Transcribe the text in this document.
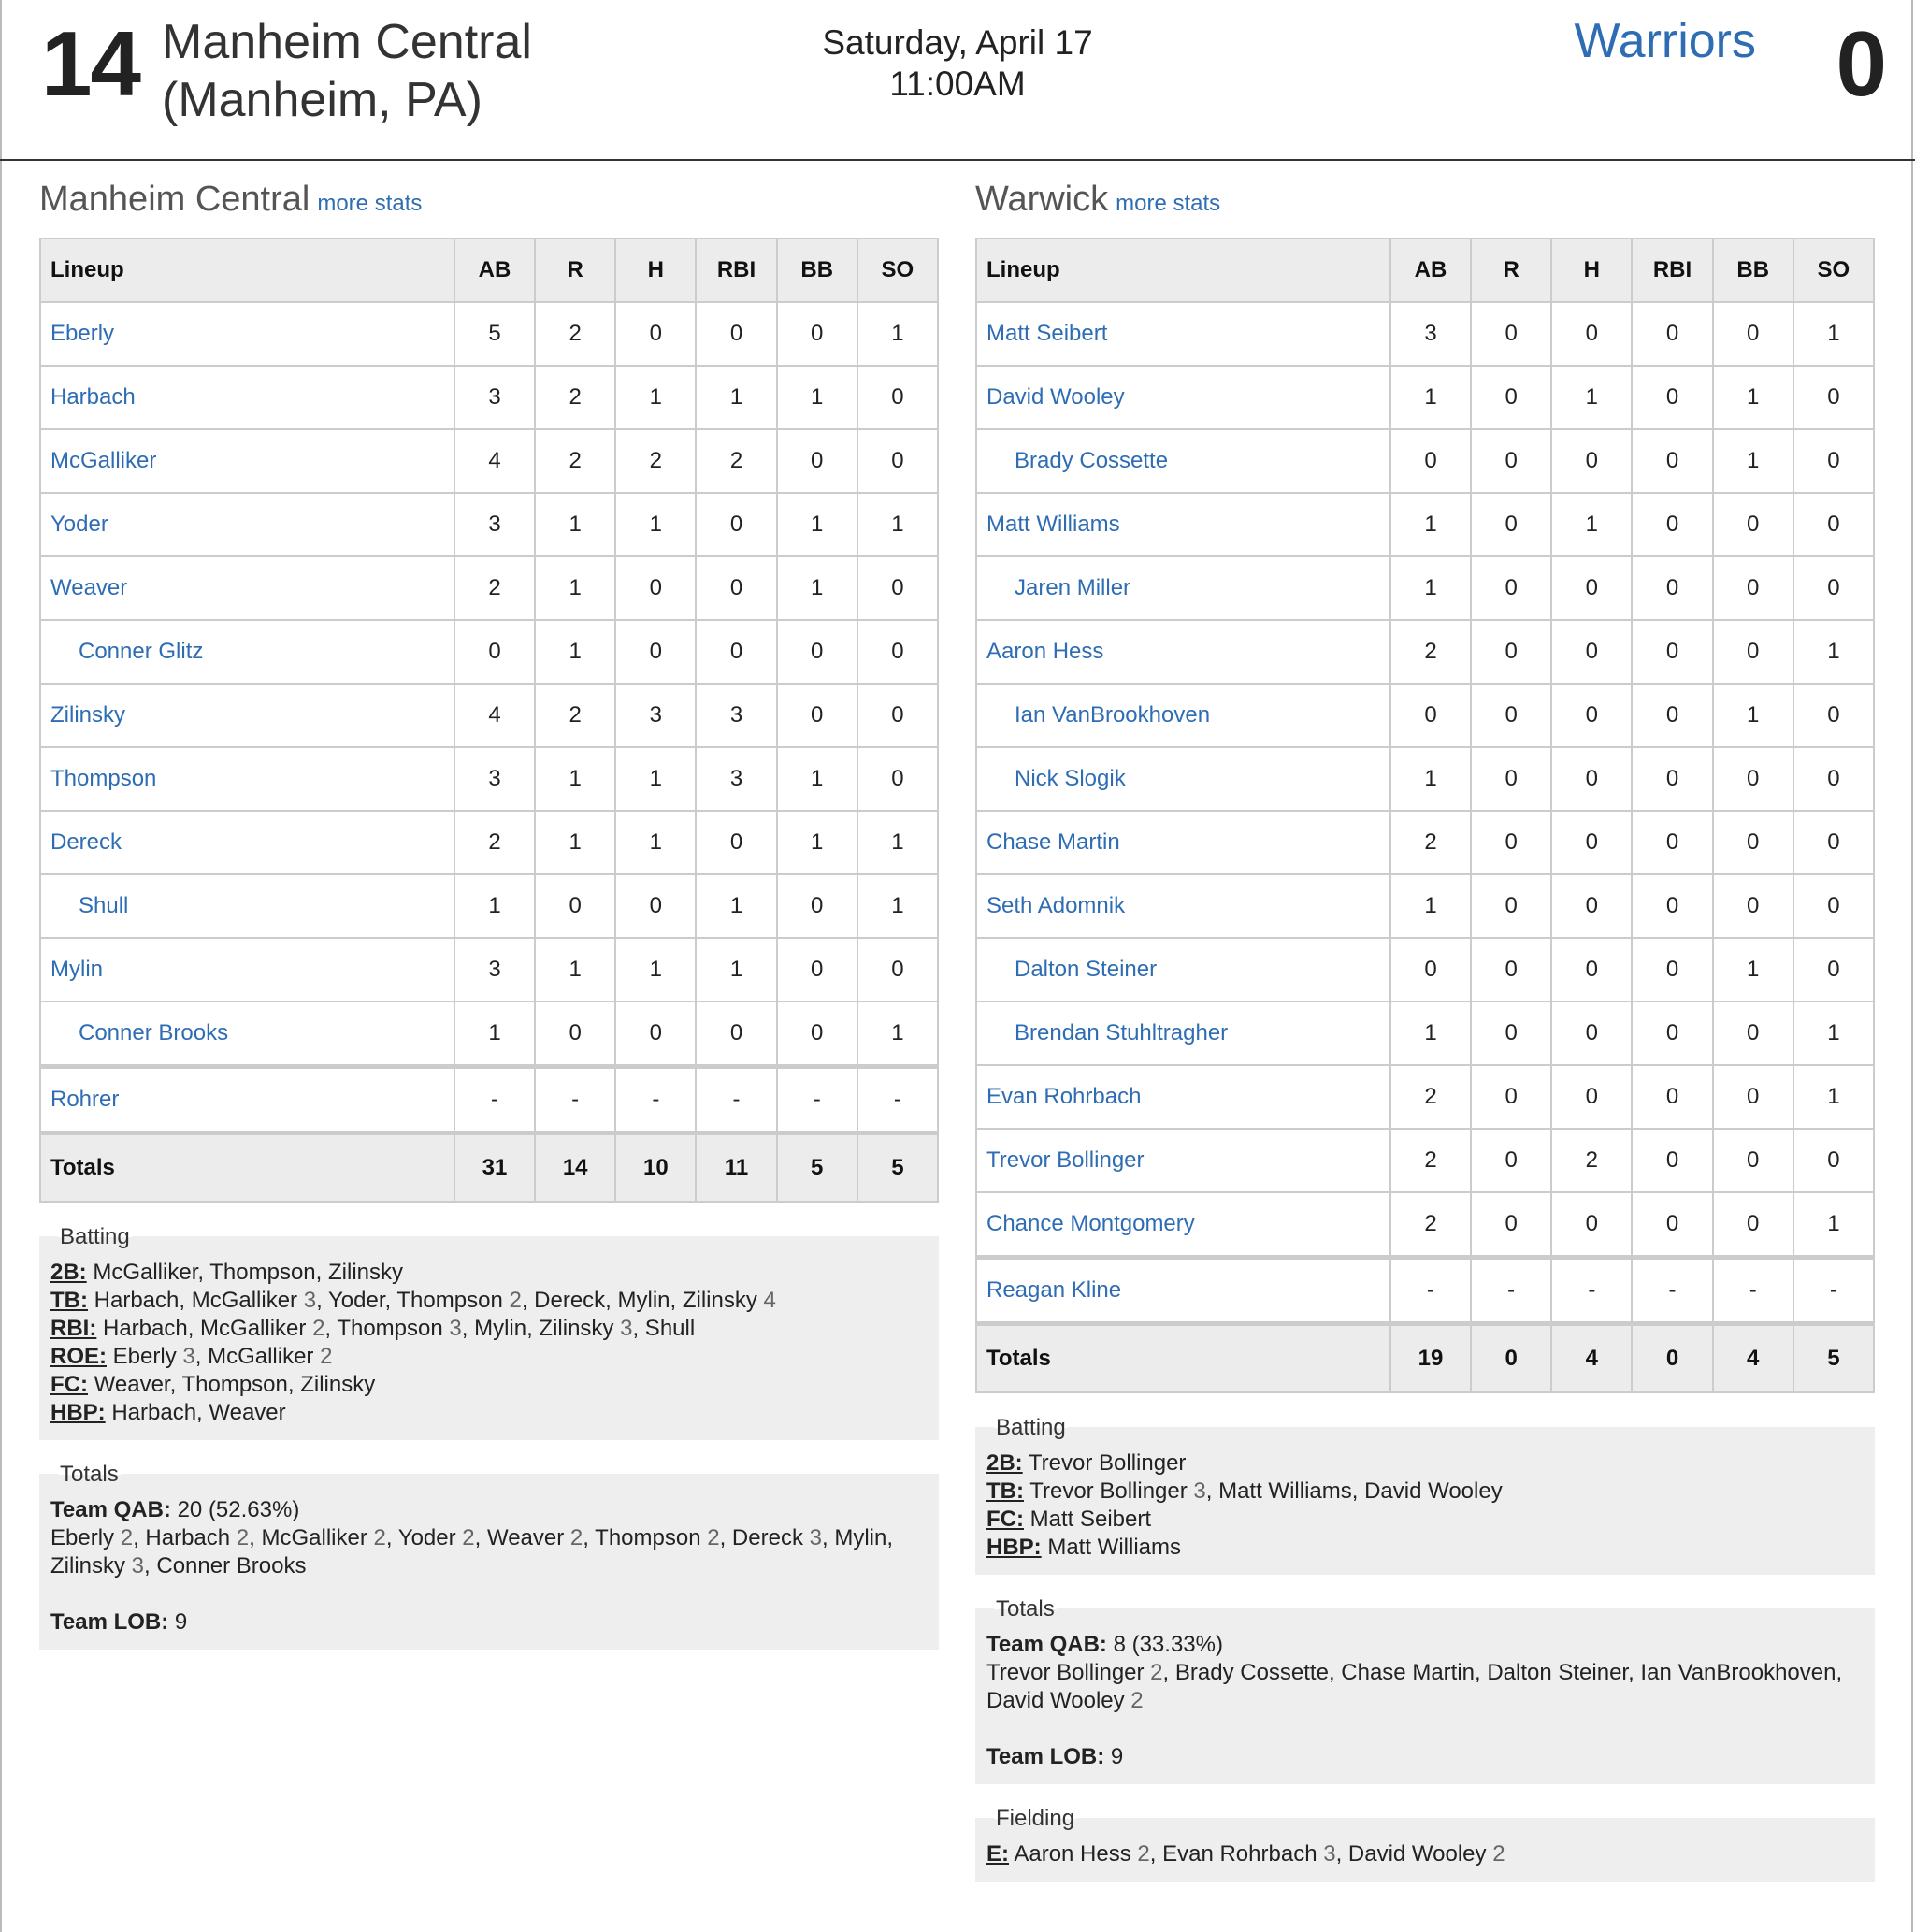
14 Manheim Central
(Manheim, PA)
Saturday, April 17
11:00AM
Warriors 0
Manheim Central more stats
Lineup	AB	R	H	RBI	BB	SO
Eberly	5	2	0	0	0	1
Harbach	3	2	1	1	1	0
McGalliker	4	2	2	2	0	0
Yoder	3	1	1	0	1	1
Weaver	2	1	0	0	1	0
Conner Glitz	0	1	0	0	0	0
Zilinsky	4	2	3	3	0	0
Thompson	3	1	1	3	1	0
Dereck	2	1	1	0	1	1
Shull	1	0	0	1	0	1
Mylin	3	1	1	1	0	0
Conner Brooks	1	0	0	0	0	1
Rohrer	-	-	-	-	-	-
Totals	31	14	10	11	5	5
Batting
2B: McGalliker, Thompson, Zilinsky
TB: Harbach, McGalliker 3, Yoder, Thompson 2, Dereck, Mylin, Zilinsky 4
RBI: Harbach, McGalliker 2, Thompson 3, Mylin, Zilinsky 3, Shull
ROE: Eberly 3, McGalliker 2
FC: Weaver, Thompson, Zilinsky
HBP: Harbach, Weaver
Totals
Team QAB: 20 (52.63%)
Eberly 2, Harbach 2, McGalliker 2, Yoder 2, Weaver 2, Thompson 2, Dereck 3, Mylin, Zilinsky 3, Conner Brooks
Team LOB: 9
Warwick more stats
Lineup	AB	R	H	RBI	BB	SO
Matt Seibert	3	0	0	0	0	1
David Wooley	1	0	1	0	1	0
Brady Cossette	0	0	0	0	1	0
Matt Williams	1	0	1	0	0	0
Jaren Miller	1	0	0	0	0	0
Aaron Hess	2	0	0	0	0	1
Ian VanBrookhoven	0	0	0	0	1	0
Nick Slogik	1	0	0	0	0	0
Chase Martin	2	0	0	0	0	0
Seth Adomnik	1	0	0	0	0	0
Dalton Steiner	0	0	0	0	1	0
Brendan Stuhltragher	1	0	0	0	0	1
Evan Rohrbach	2	0	0	0	0	1
Trevor Bollinger	2	0	2	0	0	0
Chance Montgomery	2	0	0	0	0	1
Reagan Kline	-	-	-	-	-	-
Totals	19	0	4	0	4	5
Batting
2B: Trevor Bollinger
TB: Trevor Bollinger 3, Matt Williams, David Wooley
FC: Matt Seibert
HBP: Matt Williams
Totals
Team QAB: 8 (33.33%)
Trevor Bollinger 2, Brady Cossette, Chase Martin, Dalton Steiner, Ian VanBrookhoven, David Wooley 2
Team LOB: 9
Fielding
E: Aaron Hess 2, Evan Rohrbach 3, David Wooley 2
